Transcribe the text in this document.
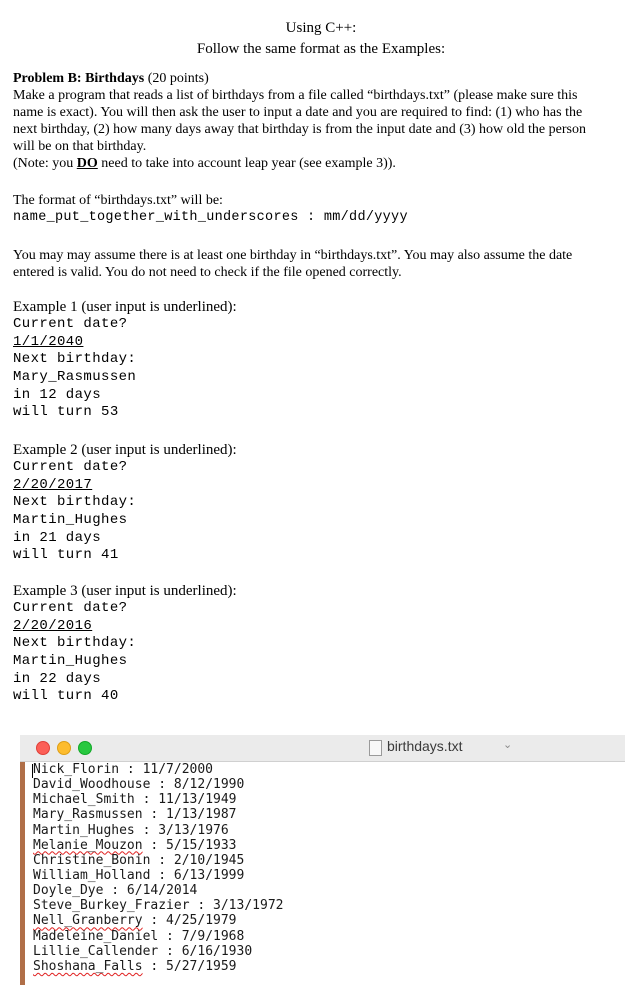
Using C++:
Follow the same format as the Examples:
Problem B: Birthdays (20 points)
Make a program that reads a list of birthdays from a file called “birthdays.txt” (please make sure this
name is exact). You will then ask the user to input a date and you are required to find: (1) who has the
next birthday, (2) how many days away that birthday is from the input date and (3) how old the person
will be on that birthday.
(Note: you DO need to take into account leap year (see example 3)).
The format of “birthdays.txt” will be:
name_put_together_with_underscores : mm/dd/yyyy
You may may assume there is at least one birthday in “birthdays.txt”. You may also assume the date
entered is valid. You do not need to check if the file opened correctly.
Example 1 (user input is underlined):
Current date?
1/1/2040
Next birthday:
Mary_Rasmussen
in 12 days
will turn 53
Example 2 (user input is underlined):
Current date?
2/20/2017
Next birthday:
Martin_Hughes
in 21 days
will turn 41
Example 3 (user input is underlined):
Current date?
2/20/2016
Next birthday:
Martin_Hughes
in 22 days
will turn 40
birthdays.txt	⌄
Nick_Florin : 11/7/2000
David_Woodhouse : 8/12/1990
Michael_Smith : 11/13/1949
Mary_Rasmussen : 1/13/1987
Martin_Hughes : 3/13/1976
Melanie_Mouzon : 5/15/1933
Christine_Bonin : 2/10/1945
William_Holland : 6/13/1999
Doyle_Dye : 6/14/2014
Steve_Burkey_Frazier : 3/13/1972
Nell_Granberry : 4/25/1979
Madeleine_Daniel : 7/9/1968
Lillie_Callender : 6/16/1930
Shoshana_Falls : 5/27/1959
